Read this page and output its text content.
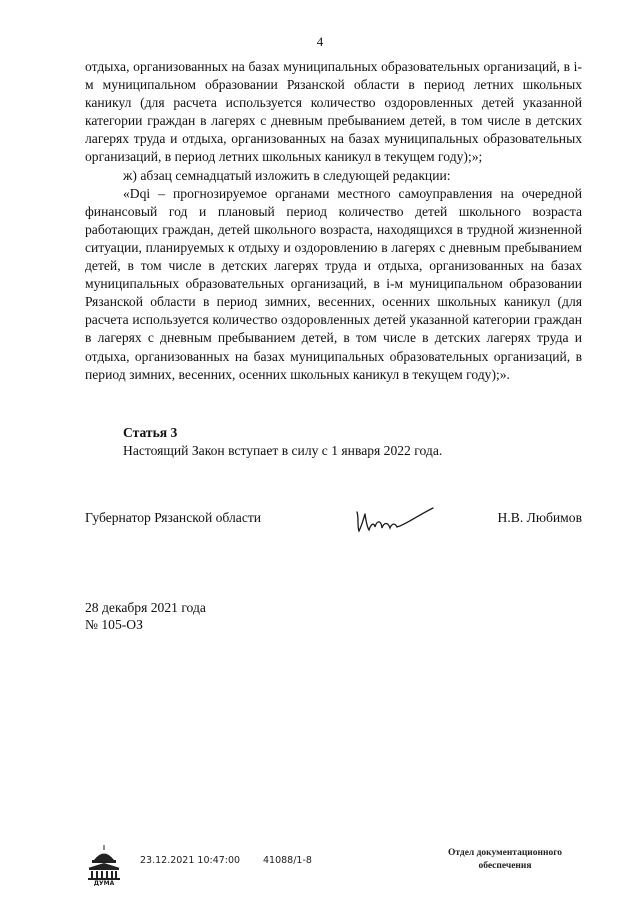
4

отдыха, организованных на базах муниципальных образовательных организаций, в i-м муниципальном образовании Рязанской области в период летних школьных каникул (для расчета используется количество оздоровленных детей указанной категории граждан в лагерях с дневным пребыванием детей, в том числе в детских лагерях труда и отдыха, организованных на базах муниципальных образовательных организаций, в период летних школьных каникул в текущем году);»;

ж) абзац семнадцатый изложить в следующей редакции:

«Dqi – прогнозируемое органами местного самоуправления на очередной финансовый год и плановый период количество детей школьного возраста работающих граждан, детей школьного возраста, находящихся в трудной жизненной ситуации, планируемых к отдыху и оздоровлению в лагерях с дневным пребыванием детей, в том числе в детских лагерях труда и отдыха, организованных на базах муниципальных образовательных организаций, в i-м муниципальном образовании Рязанской области в период зимних, весенних, осенних школьных каникул (для расчета используется количество оздоровленных детей указанной категории граждан в лагерях с дневным пребыванием детей, в том числе в детских лагерях труда и отдыха, организованных на базах муниципальных образовательных организаций, в период зимних, весенних, осенних школьных каникул в текущем году);».

Статья 3
Настоящий Закон вступает в силу с 1 января 2022 года.
Губернатор Рязанской области	Н.В. Любимов
28 декабря 2021 года
№ 105-ОЗ
ДУМА
23.12.2021 10:47:00 41088/1-8
Отдел документационного
обеспечения
